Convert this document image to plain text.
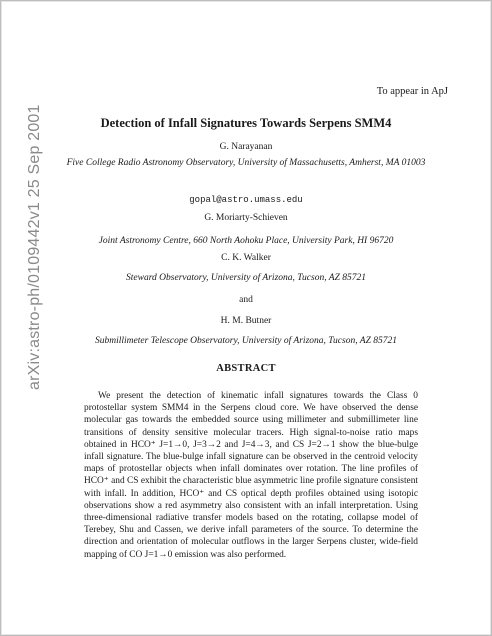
arXiv:astro-ph/0109442v1 25 Sep 2001
To appear in ApJ
Detection of Infall Signatures Towards Serpens SMM4
G. Narayanan
Five College Radio Astronomy Observatory, University of Massachusetts, Amherst, MA 01003
gopal@astro.umass.edu
G. Moriarty-Schieven
Joint Astronomy Centre, 660 North Aohoku Place, University Park, HI 96720
C. K. Walker
Steward Observatory, University of Arizona, Tucson, AZ 85721
and
H. M. Butner
Submillimeter Telescope Observatory, University of Arizona, Tucson, AZ 85721
ABSTRACT

We present the detection of kinematic infall signatures towards the Class 0 protostellar system SMM4 in the Serpens cloud core. We have observed the dense molecular gas towards the embedded source using millimeter and submillimeter line transitions of density sensitive molecular tracers. High signal-to-noise ratio maps obtained in HCO⁺ J=1→0, J=3→2 and J=4→3, and CS J=2→1 show the blue-bulge infall signature. The blue-bulge infall signature can be observed in the centroid velocity maps of protostellar objects when infall dominates over rotation. The line profiles of HCO⁺ and CS exhibit the characteristic blue asymmetric line profile signature consistent with infall. In addition, HCO⁺ and CS optical depth profiles obtained using isotopic observations show a red asymmetry also consistent with an infall interpretation. Using three-dimensional radiative transfer models based on the rotating, collapse model of Terebey, Shu and Cassen, we derive infall parameters of the source. To determine the direction and orientation of molecular outflows in the larger Serpens cluster, wide-field mapping of CO J=1→0 emission was also performed.
